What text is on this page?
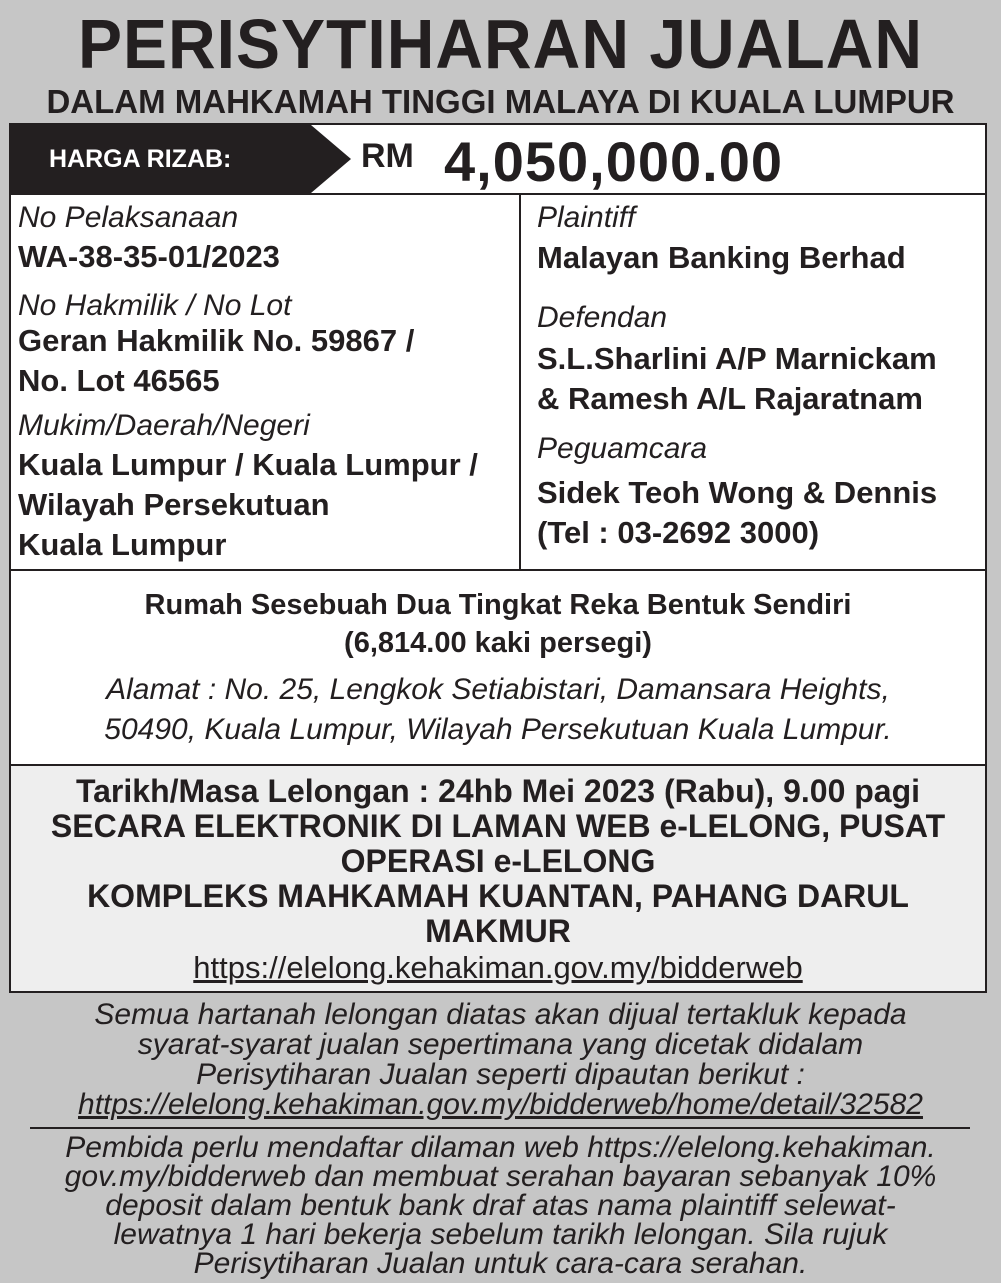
PERISYTIHARAN JUALAN
DALAM MAHKAMAH TINGGI MALAYA DI KUALA LUMPUR
HARGA RIZAB:	RM 4,050,000.00
No Pelaksanaan
WA-38-35-01/2023
No Hakmilik / No Lot
Geran Hakmilik No. 59867 /
No. Lot 46565
Mukim/Daerah/Negeri
Kuala Lumpur / Kuala Lumpur /
Wilayah Persekutuan
Kuala Lumpur
Plaintiff
Malayan Banking Berhad
Defendan
S.L.Sharlini A/P Marnickam
& Ramesh A/L Rajaratnam
Peguamcara
Sidek Teoh Wong & Dennis
(Tel : 03-2692 3000)
Rumah Sesebuah Dua Tingkat Reka Bentuk Sendiri
(6,814.00 kaki persegi)
Alamat : No. 25, Lengkok Setiabistari, Damansara Heights,
50490, Kuala Lumpur, Wilayah Persekutuan Kuala Lumpur.
Tarikh/Masa Lelongan : 24hb Mei 2023 (Rabu), 9.00 pagi
SECARA ELEKTRONIK DI LAMAN WEB e-LELONG, PUSAT
OPERASI e-LELONG
KOMPLEKS MAHKAMAH KUANTAN, PAHANG DARUL
MAKMUR
https://elelong.kehakiman.gov.my/bidderweb
Semua hartanah lelongan diatas akan dijual tertakluk kepada
syarat-syarat jualan sepertimana yang dicetak didalam
Perisytiharan Jualan seperti dipautan berikut :
https://elelong.kehakiman.gov.my/bidderweb/home/detail/32582
Pembida perlu mendaftar dilaman web https://elelong.kehakiman.
gov.my/bidderweb dan membuat serahan bayaran sebanyak 10%
deposit dalam bentuk bank draf atas nama plaintiff selewat-
lewatnya 1 hari bekerja sebelum tarikh lelongan. Sila rujuk
Perisytiharan Jualan untuk cara-cara serahan.
